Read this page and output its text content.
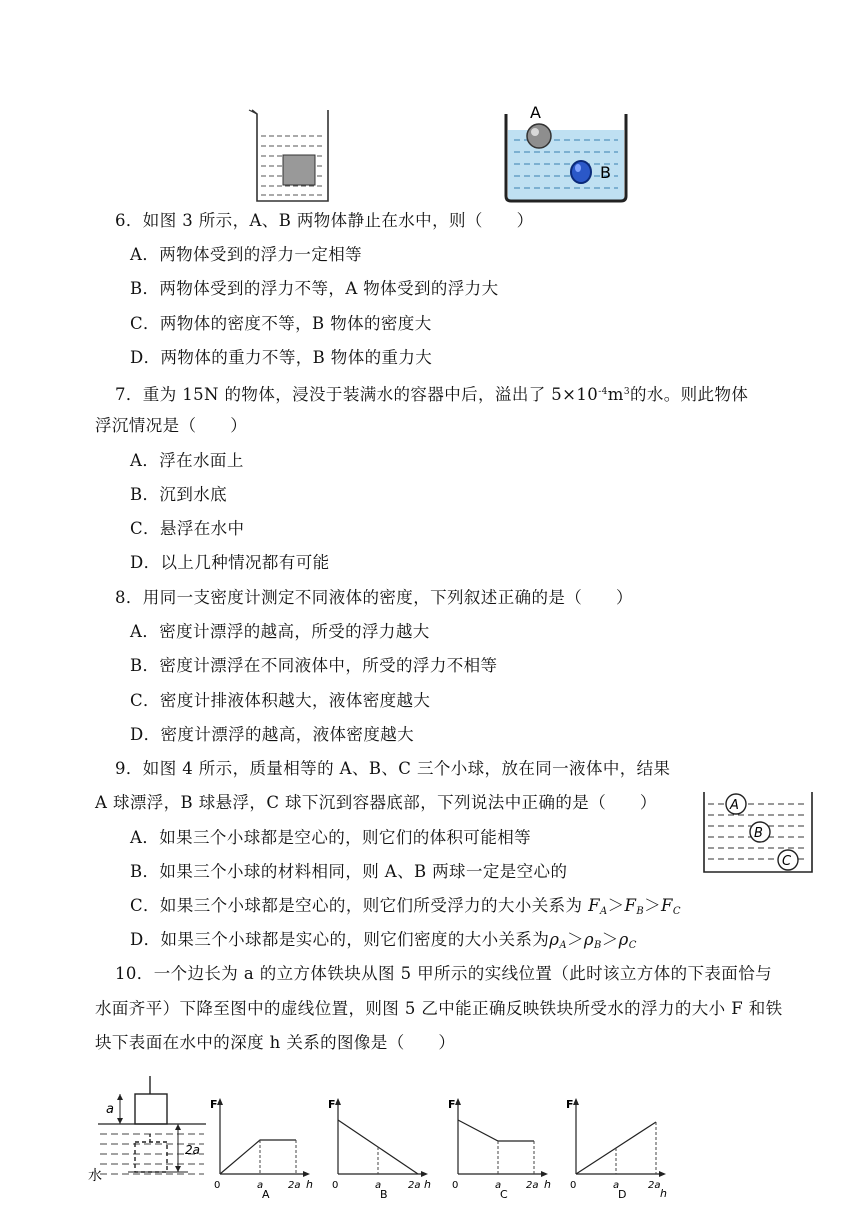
A
B
6．如图 3 所示，A、B 两物体静止在水中，则（　　）
A．两物体受到的浮力一定相等
B．两物体受到的浮力不等，A 物体受到的浮力大
C．两物体的密度不等，B 物体的密度大
D．两物体的重力不等，B 物体的重力大
7．重为 15N 的物体，浸没于装满水的容器中后，溢出了 $5\times 10^{-4}m^3$的水。则此物体
浮沉情况是（　　）
A．浮在水面上
B．沉到水底
C．悬浮在水中
D．以上几种情况都有可能
8．用同一支密度计测定不同液体的密度，下列叙述正确的是（　　）
A．密度计漂浮的越高，所受的浮力越大
B．密度计漂浮在不同液体中，所受的浮力不相等
C．密度计排液体积越大，液体密度越大
D．密度计漂浮的越高，液体密度越大
9．如图 4 所示，质量相等的 A、B、C 三个小球，放在同一液体中，结果
A 球漂浮，B 球悬浮，C 球下沉到容器底部，下列说法中正确的是（　　）
A．如果三个小球都是空心的，则它们的体积可能相等
B．如果三个小球的材料相同，则 A、B 两球一定是空心的
C．如果三个小球都是空心的，则它们所受浮力的大小关系为 $F_A>F_B>F_C$
D．如果三个小球都是实心的，则它们密度的大小关系为$\rho_A>\rho_B>\rho_C$
A
B
C
10．一个边长为 a 的立方体铁块从图 5 甲所示的实线位置（此时该立方体的下表面恰与
水面齐平）下降至图中的虚线位置，则图 5 乙中能正确反映铁块所受水的浮力的大小 F 和铁
块下表面在水中的深度 h 关系的图像是（　　）
a
2a
水
F
h
0	a 2a
A
F
h
0	a	2a
B
F
h
0	a 2a
C
F
0	a	2a
h
D
